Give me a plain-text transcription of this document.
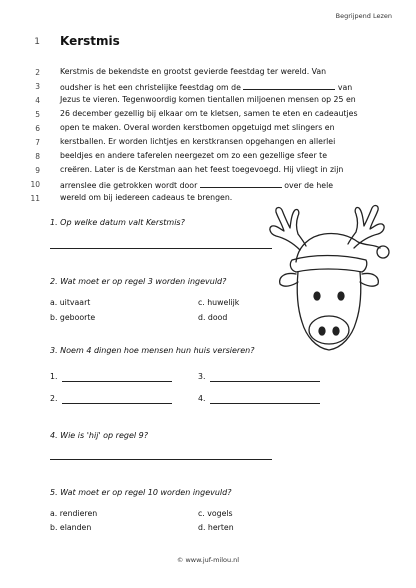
Begrijpend Lezen
1 Kerstmis
2	Kerstmis de bekendste en grootst gevierde feestdag ter wereld. Van
3	oudsher is het een christelijke feestdag om de	van
4	Jezus te vieren. Tegenwoordig komen tientallen miljoenen mensen op 25 en
5	26 december gezellig bij elkaar om te kletsen, samen te eten en cadeautjes
6	open te maken. Overal worden kerstbomen opgetuigd met slingers en
7	kerstballen. Er worden lichtjes en kerstkransen opgehangen en allerlei
8	beeldjes en andere taferelen neergezet om zo een gezellige sfeer te
9	creëren. Later is de Kerstman aan het feest toegevoegd. Hij vliegt in zijn
10	arrenslee die getrokken wordt door	over de hele
11	wereld om bij iedereen cadeaus te brengen.
1. Op welke datum valt Kerstmis?
2. Wat moet er op regel 3 worden ingevuld?
a. uitvaart
b. geboorte
c. huwelijk
d. dood
3. Noem 4 dingen hoe mensen hun huis versieren?
1.
2.
3.
4.
4. Wie is 'hij' op regel 9?
5. Wat moet er op regel 10 worden ingevuld?
a. rendieren
b. elanden
c. vogels
d. herten
© www.juf-milou.nl
